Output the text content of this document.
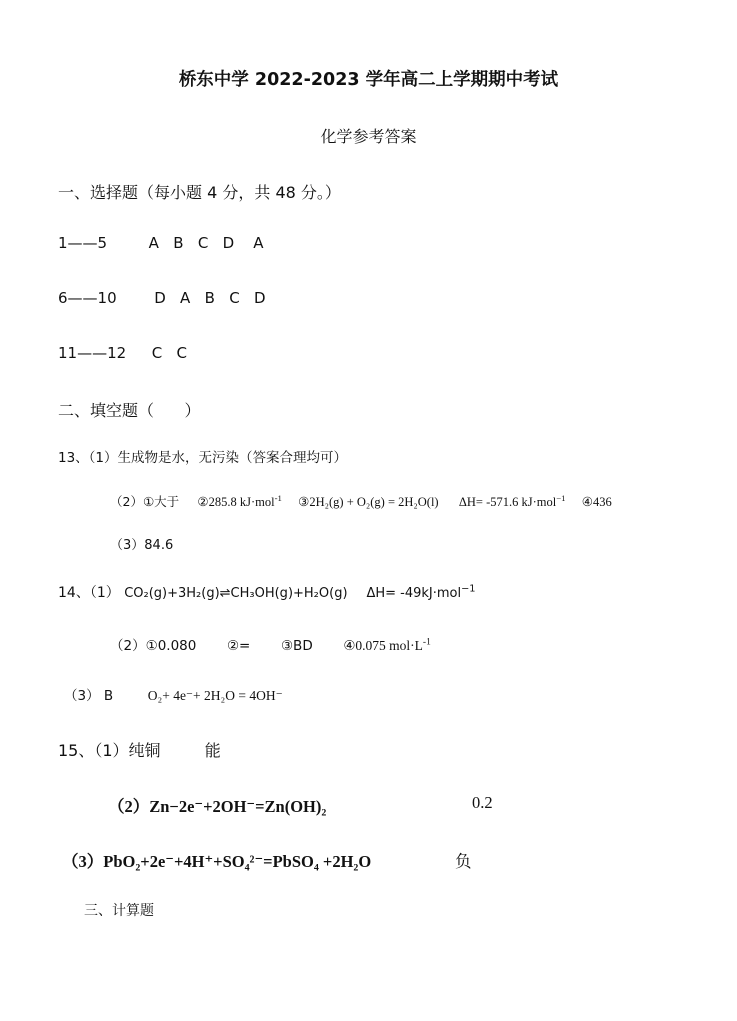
桥东中学 2022-2023 学年高二上学期期中考试
化学参考答案
一、选择题（每小题 4 分，共 48 分。）
1——5	A   B   C   D    A
6——10	D   A   B   C   D
11——12 C   C
二、填空题（      ）
13、（1）生成物是水，无污染（答案合理均可）
（2）①大于 ②285.8 kJ·mol$^{-1}$ ③2H₂(g) + O₂(g) = 2H₂O(l) ΔH= -571.6 kJ·mol$^{-1}$ ④436
（3）84.6
14、（1） CO₂(g)+3H₂(g)⇌CH₃OH(g)+H₂O(g) ΔH= -49kJ·mol$^{-1}$
（2）①0.080 ②= ③BD ④0.075 $mol\cdot L^{-1}$
（3） B	O₂+ 4e⁻+ 2H₂O = 4OH⁻
15、（1）纯铜	能
（2）Zn−2e⁻+2OH⁻=Zn(OH)₂	0.2
（3）PbO₂+2e⁻+4H⁺+SO₄²⁻=PbSO₄ +2H₂O	负
三、计算题
